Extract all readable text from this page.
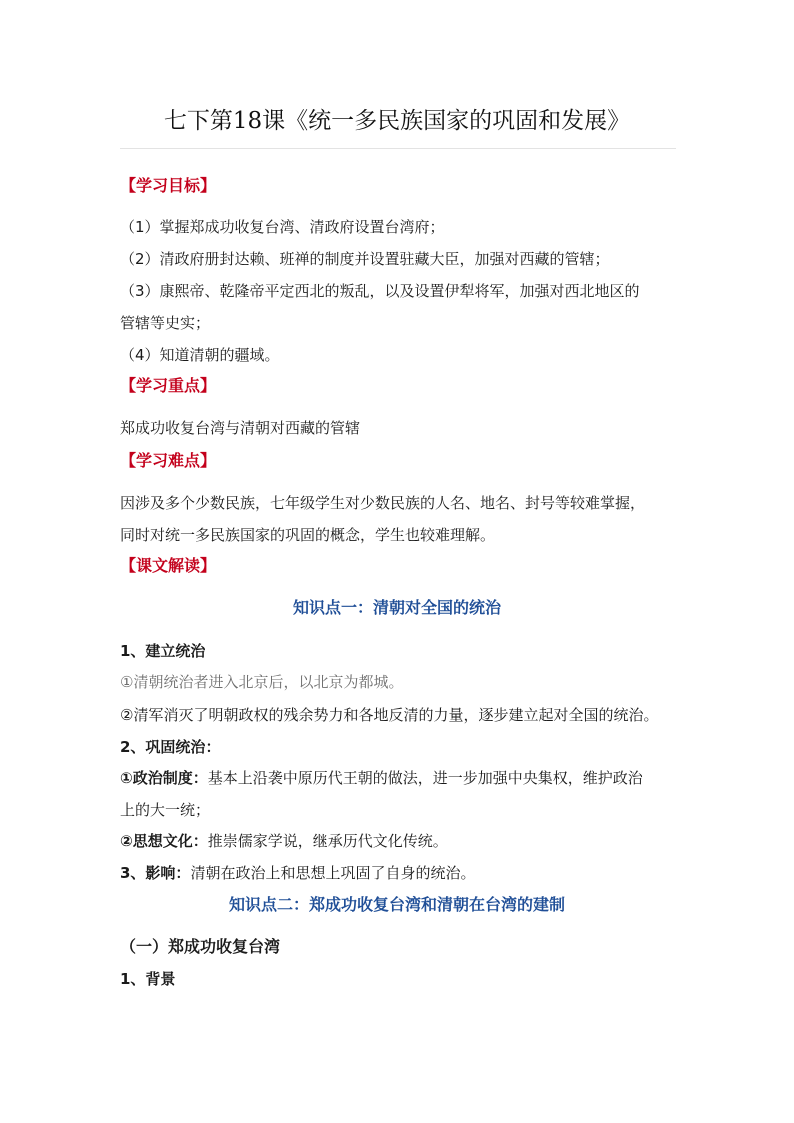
七下第18课《统一多民族国家的巩固和发展》
【学习目标】
（1）掌握郑成功收复台湾、清政府设置台湾府；
（2）清政府册封达赖、班禅的制度并设置驻藏大臣，加强对西藏的管辖；
（3）康熙帝、乾隆帝平定西北的叛乱，以及设置伊犁将军，加强对西北地区的
管辖等史实；
（4）知道清朝的疆域。
【学习重点】
郑成功收复台湾与清朝对西藏的管辖
【学习难点】
因涉及多个少数民族，七年级学生对少数民族的人名、地名、封号等较难掌握，
同时对统一多民族国家的巩固的概念，学生也较难理解。
【课文解读】
知识点一：清朝对全国的统治
1、建立统治
①清朝统治者进入北京后，以北京为都城。
②清军消灭了明朝政权的残余势力和各地反清的力量，逐步建立起对全国的统治。
2、巩固统治：
①政治制度：基本上沿袭中原历代王朝的做法，进一步加强中央集权，维护政治
上的大一统；
②思想文化：推崇儒家学说，继承历代文化传统。
3、影响：清朝在政治上和思想上巩固了自身的统治。
知识点二：郑成功收复台湾和清朝在台湾的建制
（一）郑成功收复台湾
1、背景
